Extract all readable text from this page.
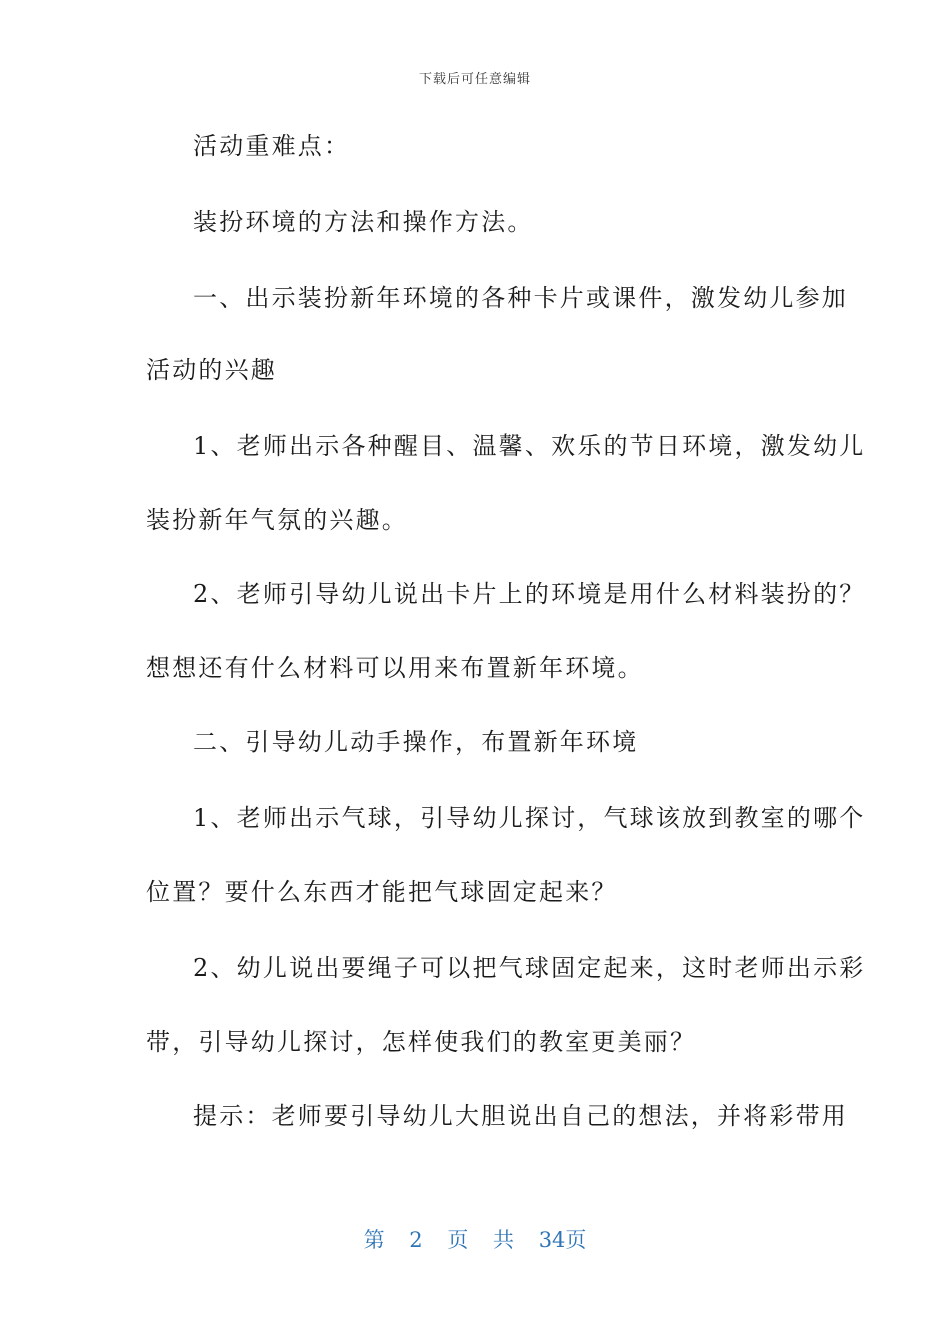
下载后可任意编辑
活动重难点：
装扮环境的方法和操作方法。
一、出示装扮新年环境的各种卡片或课件，激发幼儿参加
活动的兴趣
1、老师出示各种醒目、温馨、欢乐的节日环境，激发幼儿
装扮新年气氛的兴趣。
2、老师引导幼儿说出卡片上的环境是用什么材料装扮的？
想想还有什么材料可以用来布置新年环境。
二、引导幼儿动手操作，布置新年环境
1、老师出示气球，引导幼儿探讨，气球该放到教室的哪个
位置？要什么东西才能把气球固定起来？
2、幼儿说出要绳子可以把气球固定起来，这时老师出示彩
带，引导幼儿探讨，怎样使我们的教室更美丽？
提示：老师要引导幼儿大胆说出自己的想法，并将彩带用
第 2 页 共 34页
